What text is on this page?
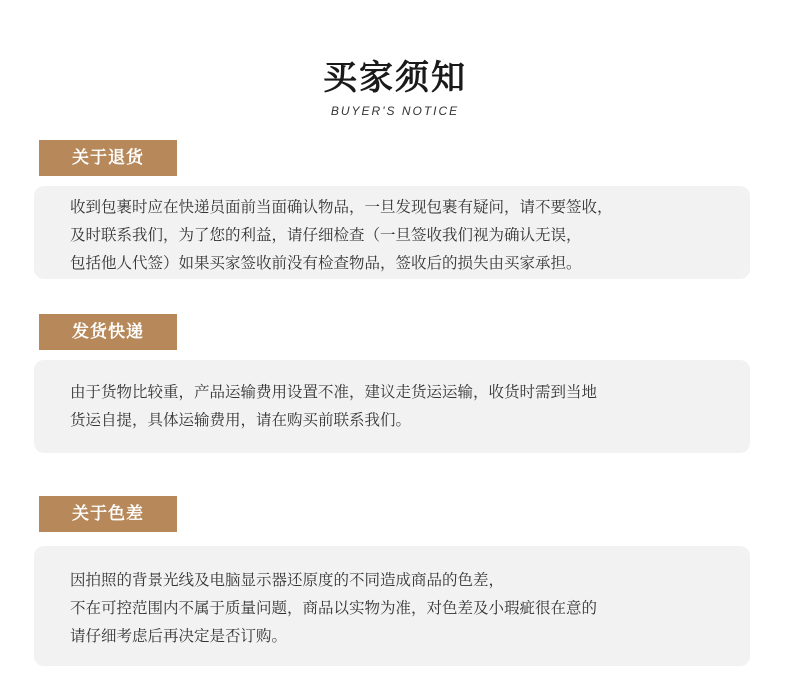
买家须知
BUYER'S NOTICE
关于退货

收到包裹时应在快递员面前当面确认物品，一旦发现包裹有疑问，请不要签收，

及时联系我们，为了您的利益，请仔细检查（一旦签收我们视为确认无误，

包括他人代签）如果买家签收前没有检查物品，签收后的损失由买家承担。

发货快递

由于货物比较重，产品运输费用设置不准，建议走货运运输，收货时需到当地

货运自提，具体运输费用，请在购买前联系我们。

关于色差

因拍照的背景光线及电脑显示器还原度的不同造成商品的色差，

不在可控范围内不属于质量问题，商品以实物为准，对色差及小瑕疵很在意的

请仔细考虑后再决定是否订购。
